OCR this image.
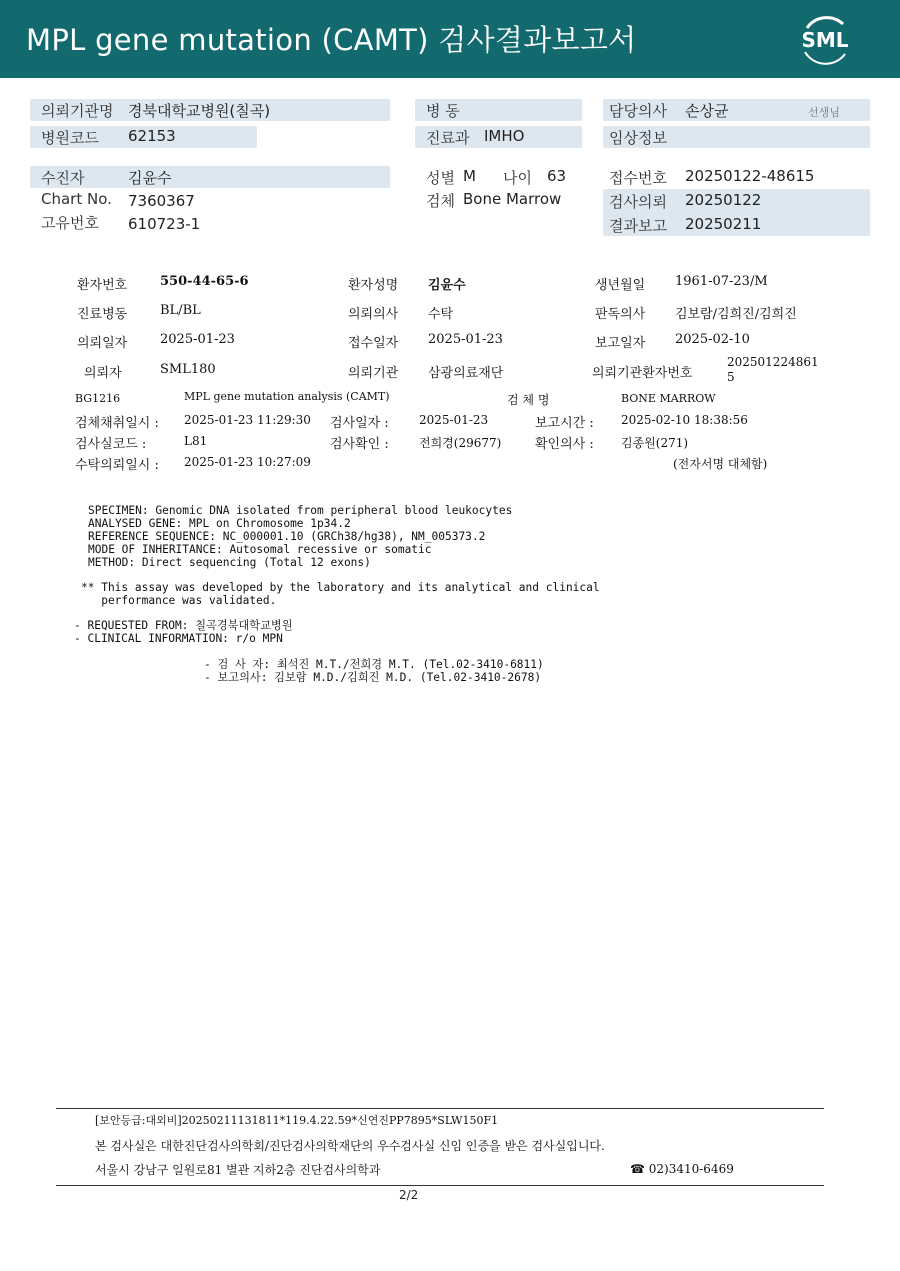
MPL gene mutation (CAMT) 검사결과보고서	SML
의뢰기관명 경북대학교병원(칠곡)	병 동	담당의사 손상균	선생님
병원코드 62153	진료과 IMHO	임상정보
수진자	김윤수	성별 M 나이 63	접수번호 20250122-48615
Chart No. 7360367	검체 Bone Marrow	검사의뢰 20250122
고유번호 610723-1	결과보고 20250211
환자번호	550-44-65-6	환자성명 김윤수	생년월일 1961-07-23/M
진료병동	BL/BL	의뢰의사 수탁	판독의사 김보람/김희진/김희진
의뢰일자	2025-01-23	접수일자 2025-01-23	보고일자 2025-02-10
의뢰자	SML180	의뢰기관 삼광의료재단	의뢰기관환자번호
202501224861
5
BG1216	MPL gene mutation analysis (CAMT)	검 체 명	BONE MARROW
검체채취일시 : 2025-01-23 11:29:30 검사일자 :	2025-01-23	보고시간 : 2025-02-10 18:38:56
검사실코드 :	L81	검사확인 :	전희경(29677)	확인의사 : 김종원(271)
수탁의뢰일시 : 2025-01-23 10:27:09	(전자서명 대체함)
SPECIMEN: Genomic DNA isolated from peripheral blood leukocytes
ANALYSED GENE: MPL on Chromosome 1p34.2
REFERENCE SEQUENCE: NC_000001.10 (GRCh38/hg38), NM_005373.2
MODE OF INHERITANCE: Autosomal recessive or somatic
METHOD: Direct sequencing (Total 12 exons)
** This assay was developed by the laboratory and its analytical and clinical
performance was validated.
- REQUESTED FROM: 칠곡경북대학교병원
- CLINICAL INFORMATION: r/o MPN
- 검 사 자: 최석진 M.T./전희경 M.T. (Tel.02-3410-6811)
- 보고의사: 김보람 M.D./김희진 M.D. (Tel.02-3410-2678)
[보안등급:대외비]20250211131811*119.4.22.59*신연진PP7895*SLW150F1
본 검사실은 대한진단검사의학회/진단검사의학재단의 우수검사실 신임 인증을 받은 검사실입니다.
서울시 강남구 일원로81 별관 지하2층 진단검사의학과	☎ 02)3410-6469
2/2
